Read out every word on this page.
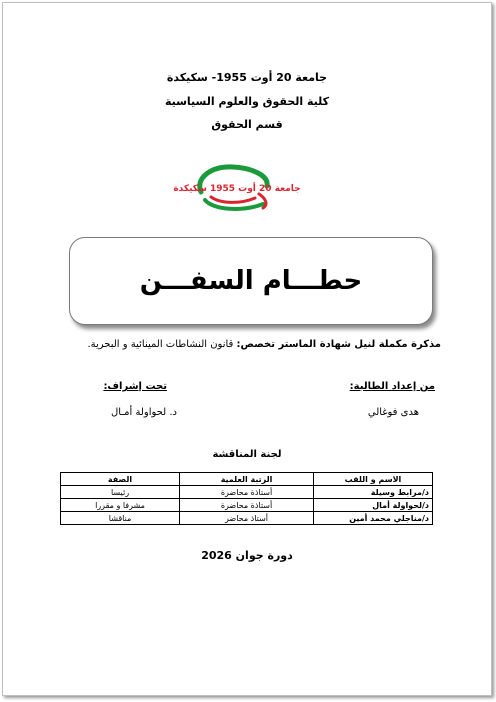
جامعة 20 أوت 1955- سكيكدة
كلية الحقوق والعلوم السياسية
قسم الحقوق
جامعة 20 أوت 1955 سكيكدة
حطـــام السفـــن
مذكرة مكملة لنيل شهادة الماستر تخصص: قانون النشاطات المينائية و البحرية.
من إعداد الطالبة:
هدى فوغالي
تحت إشراف:
د. لحواولة أمـال
لجنة المناقشة
الاسم و اللقب	الرتبة العلمية	الصفة
د/مرابط وسيلة	أستاذة محاضرة	رئيسا
د/لحواولة أمال	أستاذة محاضرة	مشرفا و مقررا
د/مناجلي محمد أمين	أستاذ محاضر	مناقشا
دورة جوان 2026
